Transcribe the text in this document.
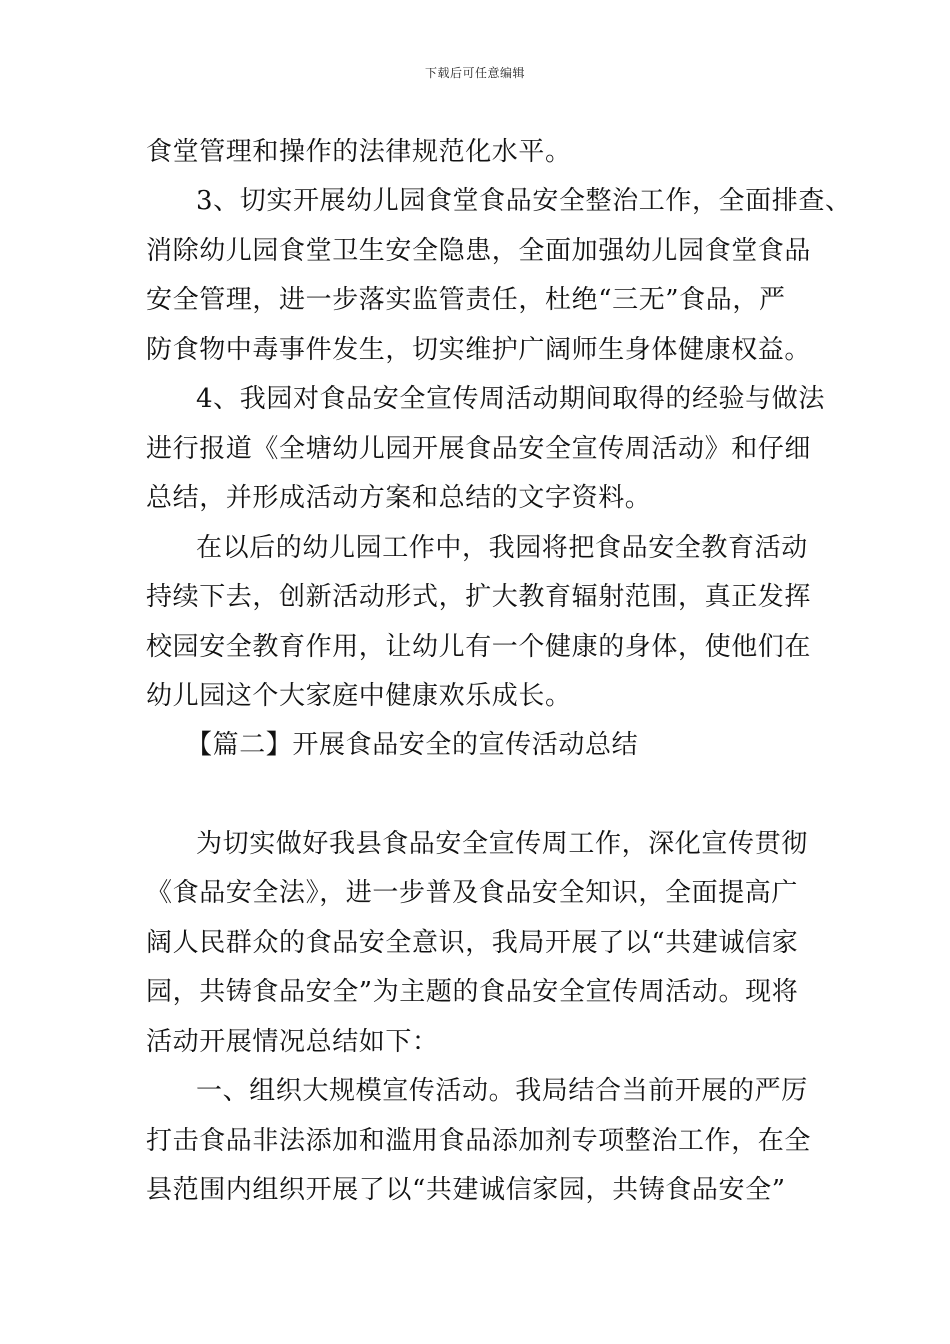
下载后可任意编辑
食堂管理和操作的法律规范化水平。
3、切实开展幼儿园食堂食品安全整治工作，全面排查、
消除幼儿园食堂卫生安全隐患，全面加强幼儿园食堂食品
安全管理，进一步落实监管责任，杜绝“三无”食品，严
防食物中毒事件发生，切实维护广阔师生身体健康权益。
4、我园对食品安全宣传周活动期间取得的经验与做法
进行报道《全塘幼儿园开展食品安全宣传周活动》和仔细
总结，并形成活动方案和总结的文字资料。
在以后的幼儿园工作中，我园将把食品安全教育活动
持续下去，创新活动形式，扩大教育辐射范围，真正发挥
校园安全教育作用，让幼儿有一个健康的身体，使他们在
幼儿园这个大家庭中健康欢乐成长。
【篇二】开展食品安全的宣传活动总结
为切实做好我县食品安全宣传周工作，深化宣传贯彻
《食品安全法》，进一步普及食品安全知识，全面提高广
阔人民群众的食品安全意识，我局开展了以“共建诚信家
园，共铸食品安全”为主题的食品安全宣传周活动。现将
活动开展情况总结如下：
一、组织大规模宣传活动。我局结合当前开展的严厉
打击食品非法添加和滥用食品添加剂专项整治工作，在全
县范围内组织开展了以“共建诚信家园，共铸食品安全”
